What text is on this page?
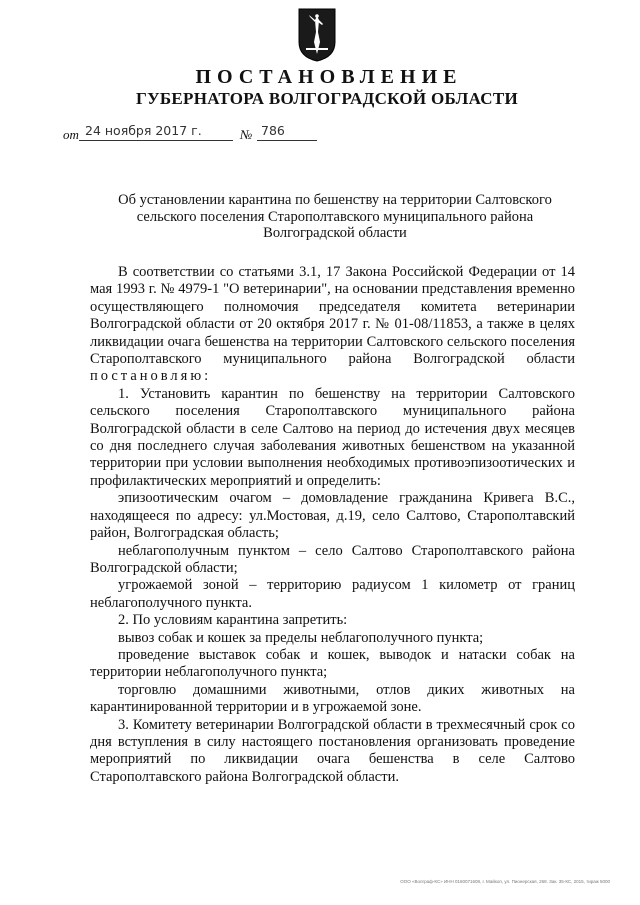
ПОСТАНОВЛЕНИЕ
ГУБЕРНАТОРА ВОЛГОГРАДСКОЙ ОБЛАСТИ
от 24 ноября 2017 г.	№ 786
Об установлении карантина по бешенству на территории Салтовского сельского поселения Старополтавского муниципального района Волгоградской области

В соответствии со статьями 3.1, 17 Закона Российской Федерации от 14 мая 1993 г. № 4979-1 "О ветеринарии", на основании представления временно осуществляющего полномочия председателя комитета ветеринарии Волгоградской области от 20 октября 2017 г. № 01-08/11853, а также в целях ликвидации очага бешенства на территории Салтовского сельского поселения Старополтавского муниципального района Волгоградской области постановляю:

1. Установить карантин по бешенству на территории Салтовского сельского поселения Старополтавского муниципального района Волгоградской области в селе Салтово на период до истечения двух месяцев со дня последнего случая заболевания животных бешенством на указанной территории при условии выполнения необходимых противоэпизоотических и профилактических мероприятий и определить:

эпизоотическим очагом – домовладение гражданина Кривега В.С., находящееся по адресу: ул.Мостовая, д.19, село Салтово, Старополтавский район, Волгоградская область;

неблагополучным пунктом – село Салтово Старополтавского района Волгоградской области;

угрожаемой зоной – территорию радиусом 1 километр от границ неблагополучного пункта.

2. По условиям карантина запретить:

вывоз собак и кошек за пределы неблагополучного пункта;

проведение выставок собак и кошек, выводок и натаски собак на территории неблагополучного пункта;

торговлю домашними животными, отлов диких животных на карантинированной территории и в угрожаемой зоне.

3. Комитету ветеринарии Волгоградской области в трехмесячный срок со дня вступления в силу настоящего постановления организовать проведение мероприятий по ликвидации очага бешенства в селе Салтово Старополтавского района Волгоградской области.

ООО «Волграф-КС» ИНН 0160071608, г. Майкоп, ул. Пионерская, 268. Зак. 35-КС, 2015, тираж 5000
